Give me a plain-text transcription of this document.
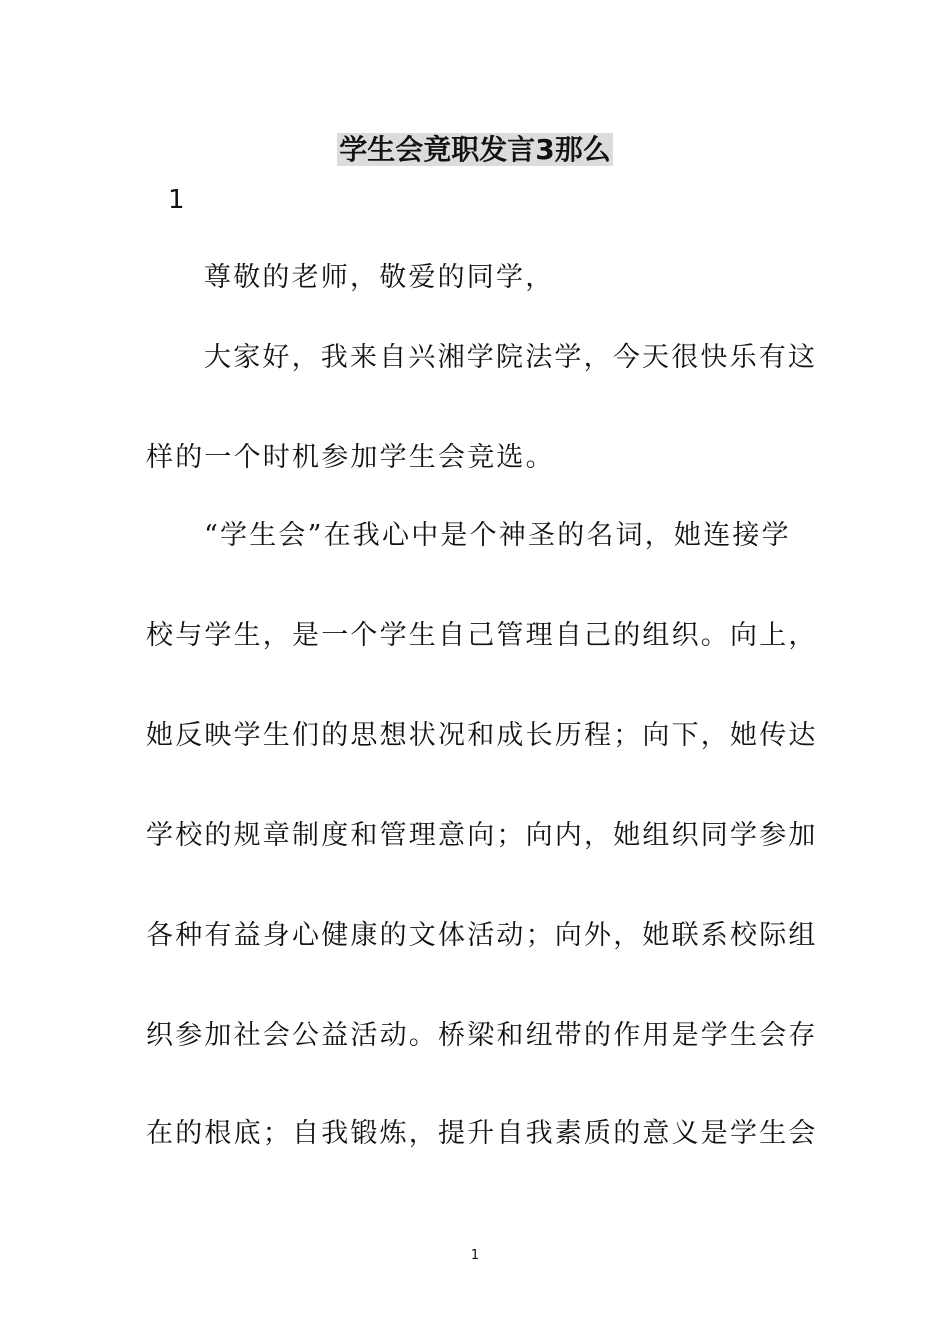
学生会竟职发言3那么
1
尊敬的老师，敬爱的同学，
大家好，我来自兴湘学院法学，今天很快乐有这
样的一个时机参加学生会竞选。
“学生会”在我心中是个神圣的名词，她连接学
校与学生，是一个学生自己管理自己的组织。向上，
她反映学生们的思想状况和成长历程；向下，她传达
学校的规章制度和管理意向；向内，她组织同学参加
各种有益身心健康的文体活动；向外，她联系校际组
织参加社会公益活动。桥梁和纽带的作用是学生会存
在的根底；自我锻炼，提升自我素质的意义是学生会
1
